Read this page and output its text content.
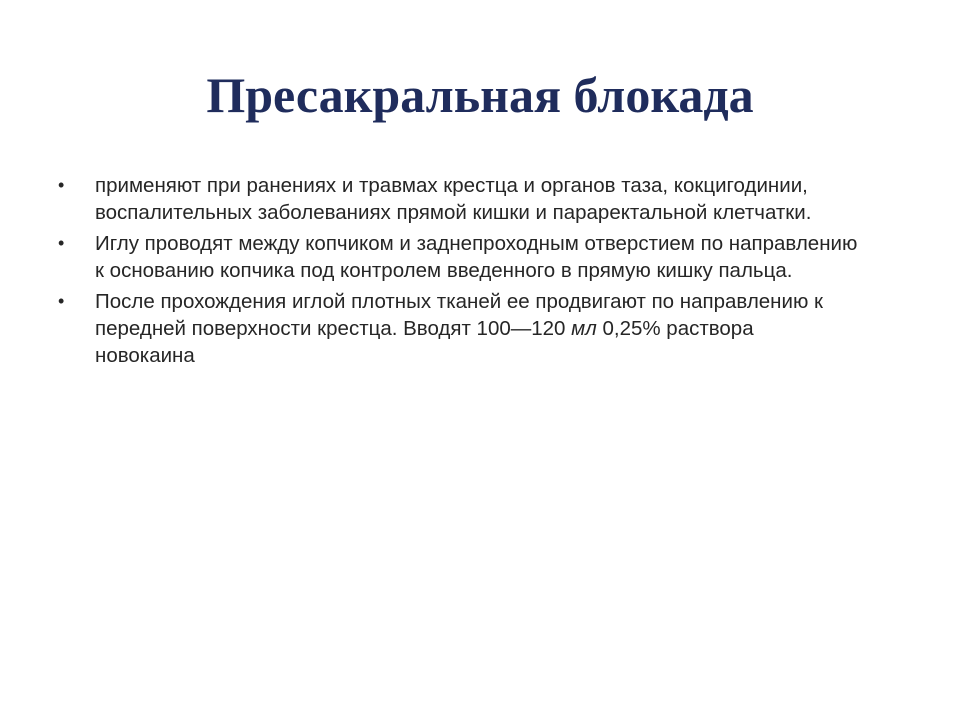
Пресакральная блокада
• применяют при ранениях и травмах крестца и органов таза, кокцигодинии, воспалительных заболеваниях прямой кишки и параректальной клетчатки.
• Иглу проводят между копчиком и заднепроходным отверстием по направлению к основанию копчика под контролем введенного в прямую кишку пальца.
• После прохождения иглой плотных тканей ее продвигают по направлению к передней поверхности крестца. Вводят 100—120 мл 0,25% раствора новокаина
